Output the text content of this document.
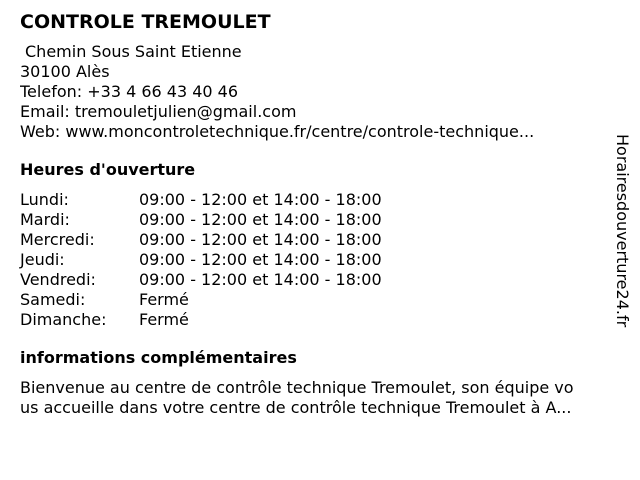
CONTROLE TREMOULET
Chemin Sous Saint Etienne
30100 Alès
Telefon: +33 4 66 43 40 46
Email: tremouletjulien@gmail.com
Web: www.moncontroletechnique.fr/centre/controle-technique...
Heures d'ouverture
Lundi:	09:00 - 12:00 et 14:00 - 18:00
Mardi:	09:00 - 12:00 et 14:00 - 18:00
Mercredi:	09:00 - 12:00 et 14:00 - 18:00
Jeudi:	09:00 - 12:00 et 14:00 - 18:00
Vendredi:	09:00 - 12:00 et 14:00 - 18:00
Samedi:	Fermé
Dimanche:	Fermé
informations complémentaires
Bienvenue au centre de contrôle technique Tremoulet, son équipe vo
us accueille dans votre centre de contrôle technique Tremoulet à A...
Horairesdouverture24.fr
